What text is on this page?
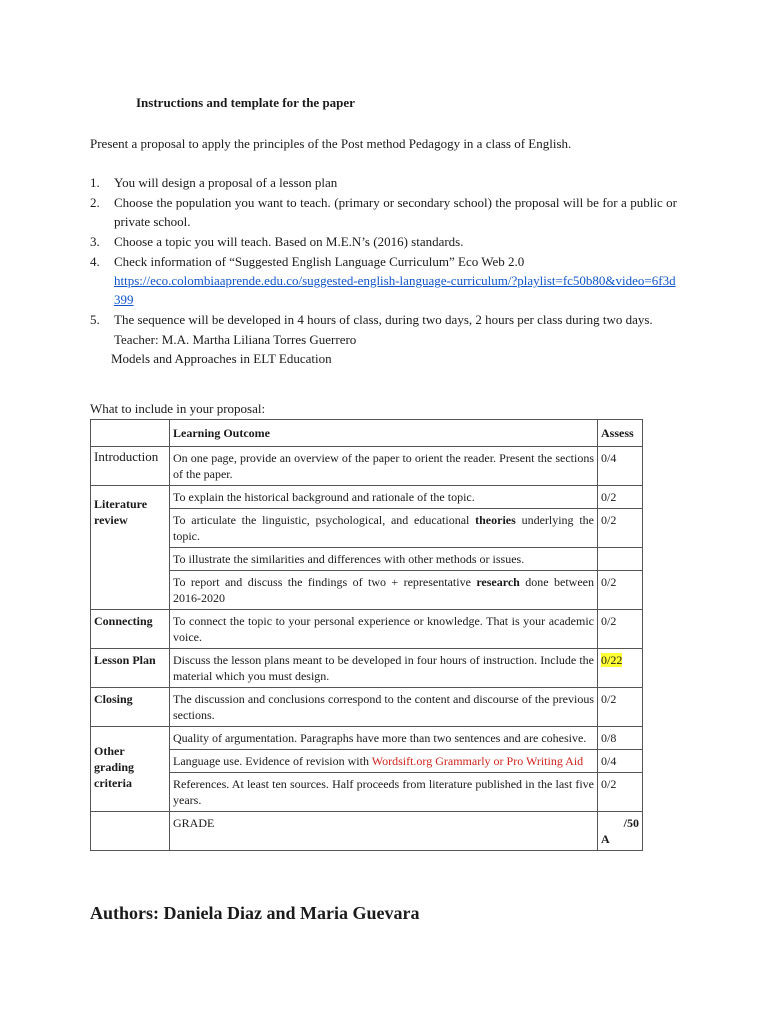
Instructions and template for the paper
Present a proposal to apply the principles of the Post method Pedagogy in a class of English.
1.	You will design a proposal of a lesson plan
2.	Choose the population you want to teach. (primary or secondary school) the proposal will be for a public or private school.
3.	Choose a topic you will teach. Based on M.E.N’s (2016) standards.
4.	Check information of “Suggested English Language Curriculum” Eco Web 2.0
https://eco.colombiaaprende.edu.co/suggested-english-language-curriculum/?playlist=fc50b80&video=6f3d399
5.	The sequence will be developed in 4 hours of class, during two days, 2 hours per class during two days.
Teacher: M.A. Martha Liliana Torres Guerrero
Models and Approaches in ELT Education
What to include in your proposal:
	Learning Outcome	Assess
Introduction	On one page, provide an overview of the paper to orient the reader. Present the sections of the paper.	0/4
Literature review	To explain the historical background and rationale of the topic.	0/2
	To articulate the linguistic, psychological, and educational theories underlying the topic.	0/2
	To illustrate the similarities and differences with other methods or issues.	
	To report and discuss the findings of two + representative research done between 2016-2020	0/2
Connecting	To connect the topic to your personal experience or knowledge. That is your academic voice.	0/2
Lesson Plan	Discuss the lesson plans meant to be developed in four hours of instruction. Include the material which you must design.	0/22
Closing	The discussion and conclusions correspond to the content and discourse of the previous sections.	0/2
Other grading criteria	Quality of argumentation. Paragraphs have more than two sentences and are cohesive.	0/8
	Language use. Evidence of revision with Wordsift.org Grammarly or Pro Writing Aid	0/4
	References. At least ten sources. Half proceeds from literature published in the last five years.	0/2
	GRADE	/50
A
Authors: Daniela Diaz and Maria Guevara
